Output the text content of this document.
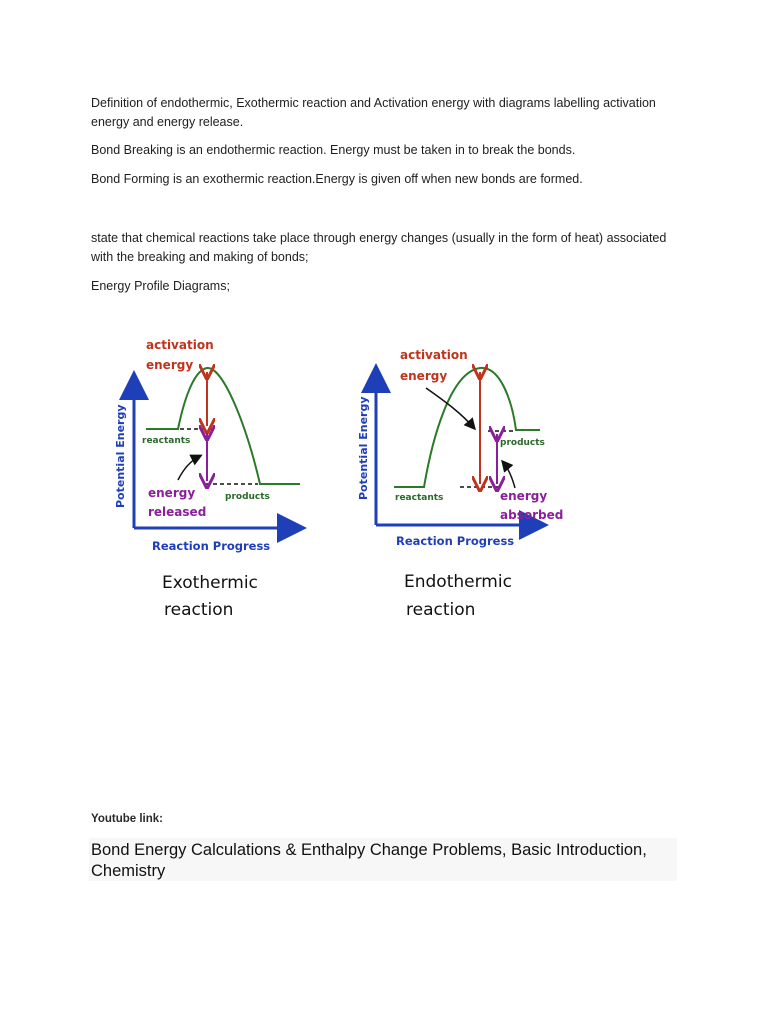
Definition of endothermic, Exothermic reaction and Activation energy with diagrams labelling activation energy and energy release.

Bond Breaking is an endothermic reaction. Energy must be taken in to break the bonds.

Bond Forming is an exothermic reaction.Energy is given off when new bonds are formed.

state that chemical reactions take place through energy changes (usually in the form of heat) associated with the breaking and making of bonds;

Energy Profile Diagrams;

Potential Energy
Reaction Progress
activation
energy
reactants
products
energy
released
Exothermic
reaction
Potential Energy
Reaction Progress
activation
energy
reactants
products
energy
absorbed
Endothermic
reaction

Youtube link:

Bond Energy Calculations & Enthalpy Change Problems, Basic Introduction, Chemistry
